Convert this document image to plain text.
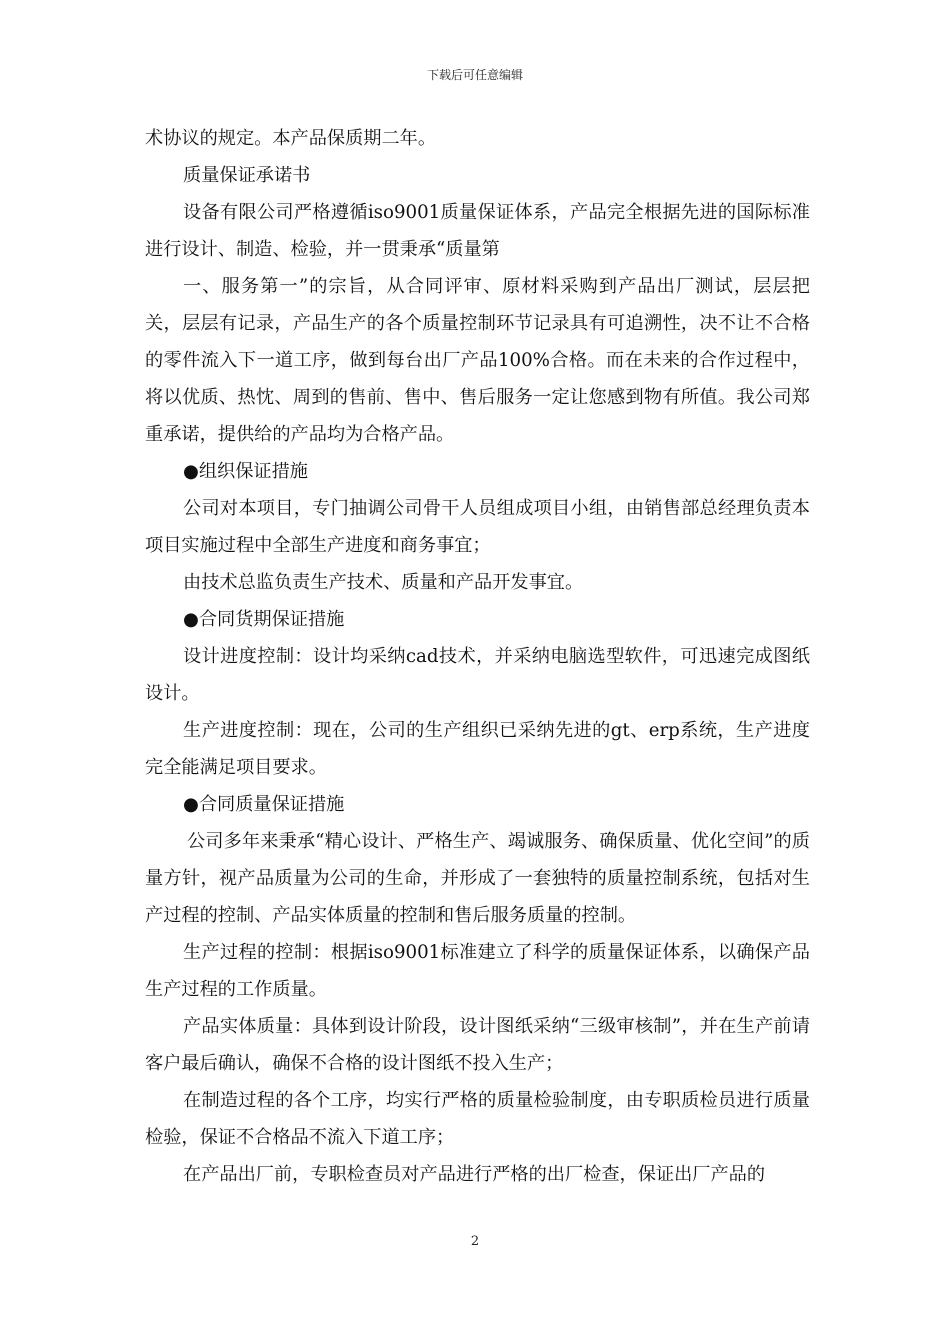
下载后可任意编辑

术协议的规定。本产品保质期二年。

质量保证承诺书

设备有限公司严格遵循iso9001质量保证体系，产品完全根据先进的国际标准进行设计、制造、检验，并一贯秉承“质量第

一、服务第一”的宗旨，从合同评审、原材料采购到产品出厂测试，层层把关，层层有记录，产品生产的各个质量控制环节记录具有可追溯性，决不让不合格的零件流入下一道工序，做到每台出厂产品100%合格。而在未来的合作过程中，将以优质、热忱、周到的售前、售中、售后服务一定让您感到物有所值。我公司郑重承诺，提供给的产品均为合格产品。

●组织保证措施

公司对本项目，专门抽调公司骨干人员组成项目小组，由销售部总经理负责本项目实施过程中全部生产进度和商务事宜；

由技术总监负责生产技术、质量和产品开发事宜。

●合同货期保证措施

设计进度控制：设计均采纳cad技术，并采纳电脑选型软件，可迅速完成图纸设计。

生产进度控制：现在，公司的生产组织已采纳先进的gt、erp系统，生产进度完全能满足项目要求。

●合同质量保证措施

公司多年来秉承“精心设计、严格生产、竭诚服务、确保质量、优化空间”的质量方针，视产品质量为公司的生命，并形成了一套独特的质量控制系统，包括对生产过程的控制、产品实体质量的控制和售后服务质量的控制。

生产过程的控制：根据iso9001标准建立了科学的质量保证体系，以确保产品生产过程的工作质量。

产品实体质量：具体到设计阶段，设计图纸采纳“三级审核制”，并在生产前请客户最后确认，确保不合格的设计图纸不投入生产；

在制造过程的各个工序，均实行严格的质量检验制度，由专职质检员进行质量检验，保证不合格品不流入下道工序；

在产品出厂前，专职检查员对产品进行严格的出厂检查，保证出厂产品的

2
